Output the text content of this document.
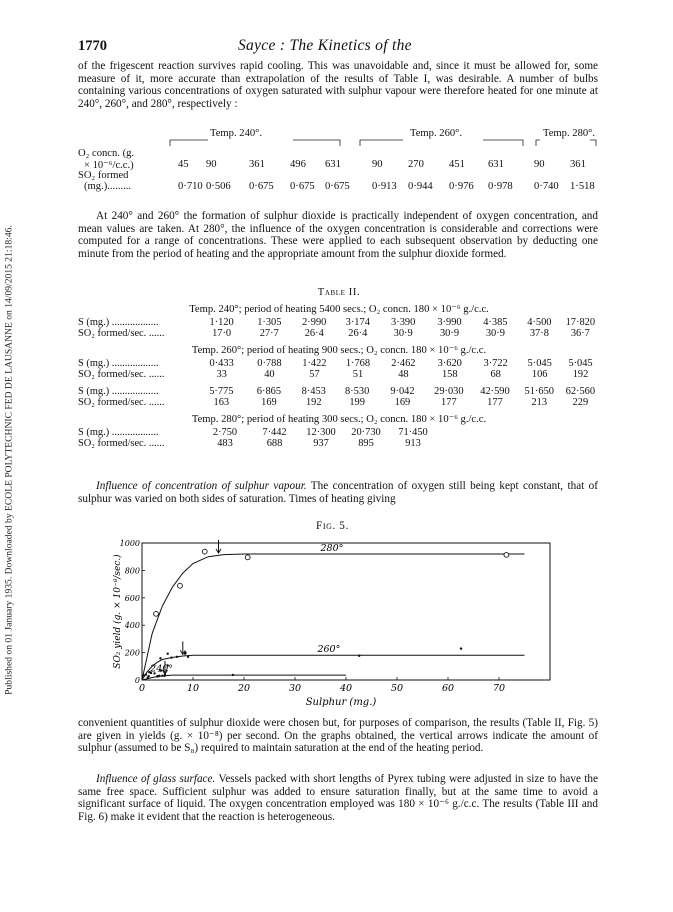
Published on 01 January 1935. Downloaded by ECOLE POLYTECHNIC FED DE LAUSANNE on 14/09/2015 21:18:46.
1770	Sayce : The Kinetics of the

of the frigescent reaction survives rapid cooling. This was unavoidable and, since it must be allowed for, some measure of it, more accurate than extrapolation of the results of Table I, was desirable. A number of bulbs containing various concentrations of oxygen saturated with sulphur vapour were therefore heated for one minute at 240°, 260°, and 280°, respectively :

Temp. 240°.	Temp. 260°.	Temp. 280°.
O₂ concn. (g.
× 10⁻⁶/c.c.)	45 90	361 496 631	90 270 451 631	90 361
SO₂ formed
(mg.).........	0·710 0·506 0·675 0·675 0·675 0·913 0·944 0·976 0·978 0·740 1·518

At 240° and 260° the formation of sulphur dioxide is practically independent of oxygen concentration, and mean values are taken. At 280°, the influence of the oxygen concentration is considerable and corrections were computed for a range of concentrations. These were applied to each subsequent observation by deducting one minute from the period of heating and the appropriate amount from the sulphur dioxide formed.

Table II.
Temp. 240°; period of heating 5400 secs.; O₂ concn. 180 × 10⁻⁶ g./c.c.
S (mg.) ..................	1·120	1·305	2·990	3·174	3·390	3·990	4·385	4·500	17·820
SO₂ formed/sec. ......	17·0	27·7	26·4	26·4	30·9	30·9	30·9	37·8	36·7
Temp. 260°; period of heating 900 secs.; O₂ concn. 180 × 10⁻⁶ g./c.c.
S (mg.) ..................	0·433	0·788	1·422	1·768	2·462	3·620	3·722	5·045	5·045
SO₂ formed/sec. ......	33	40	57	51	48	158	68	106	192
S (mg.) ..................	5·775	6·865	8·453	8·530	9·042	29·030	42·590	51·650	62·560
SO₂ formed/sec. ......	163	169	192	199	169	177	177	213	229
Temp. 280°; period of heating 300 secs.; O₂ concn. 180 × 10⁻⁶ g./c.c.
S (mg.) ..................	2·750	7·442	12·300	20·730	71·450
SO₂ formed/sec. ......	483	688	937	895	913

Influence of concentration of sulphur vapour. The concentration of oxygen still being kept constant, that of sulphur was varied on both sides of saturation. Times of heating giving

Fig. 5.
0	10	20	30	40	50	60	70
1000
800
600
400
200
0
Sulphur (mg.)
SO₂ yield (g. × 10⁻⁸/sec.)
280°
260°
240°

convenient quantities of sulphur dioxide were chosen but, for purposes of comparison, the results (Table II, Fig. 5) are given in yields (g. × 10⁻⁸) per second. On the graphs obtained, the vertical arrows indicate the amount of sulphur (assumed to be S₈) required to maintain saturation at the end of the heating period.

Influence of glass surface. Vessels packed with short lengths of Pyrex tubing were adjusted in size to have the same free space. Sufficient sulphur was added to ensure saturation finally, but at the same time to avoid a significant surface of liquid. The oxygen concentration employed was 180 × 10⁻⁶ g./c.c. The results (Table III and Fig. 6) make it evident that the reaction is heterogeneous.
